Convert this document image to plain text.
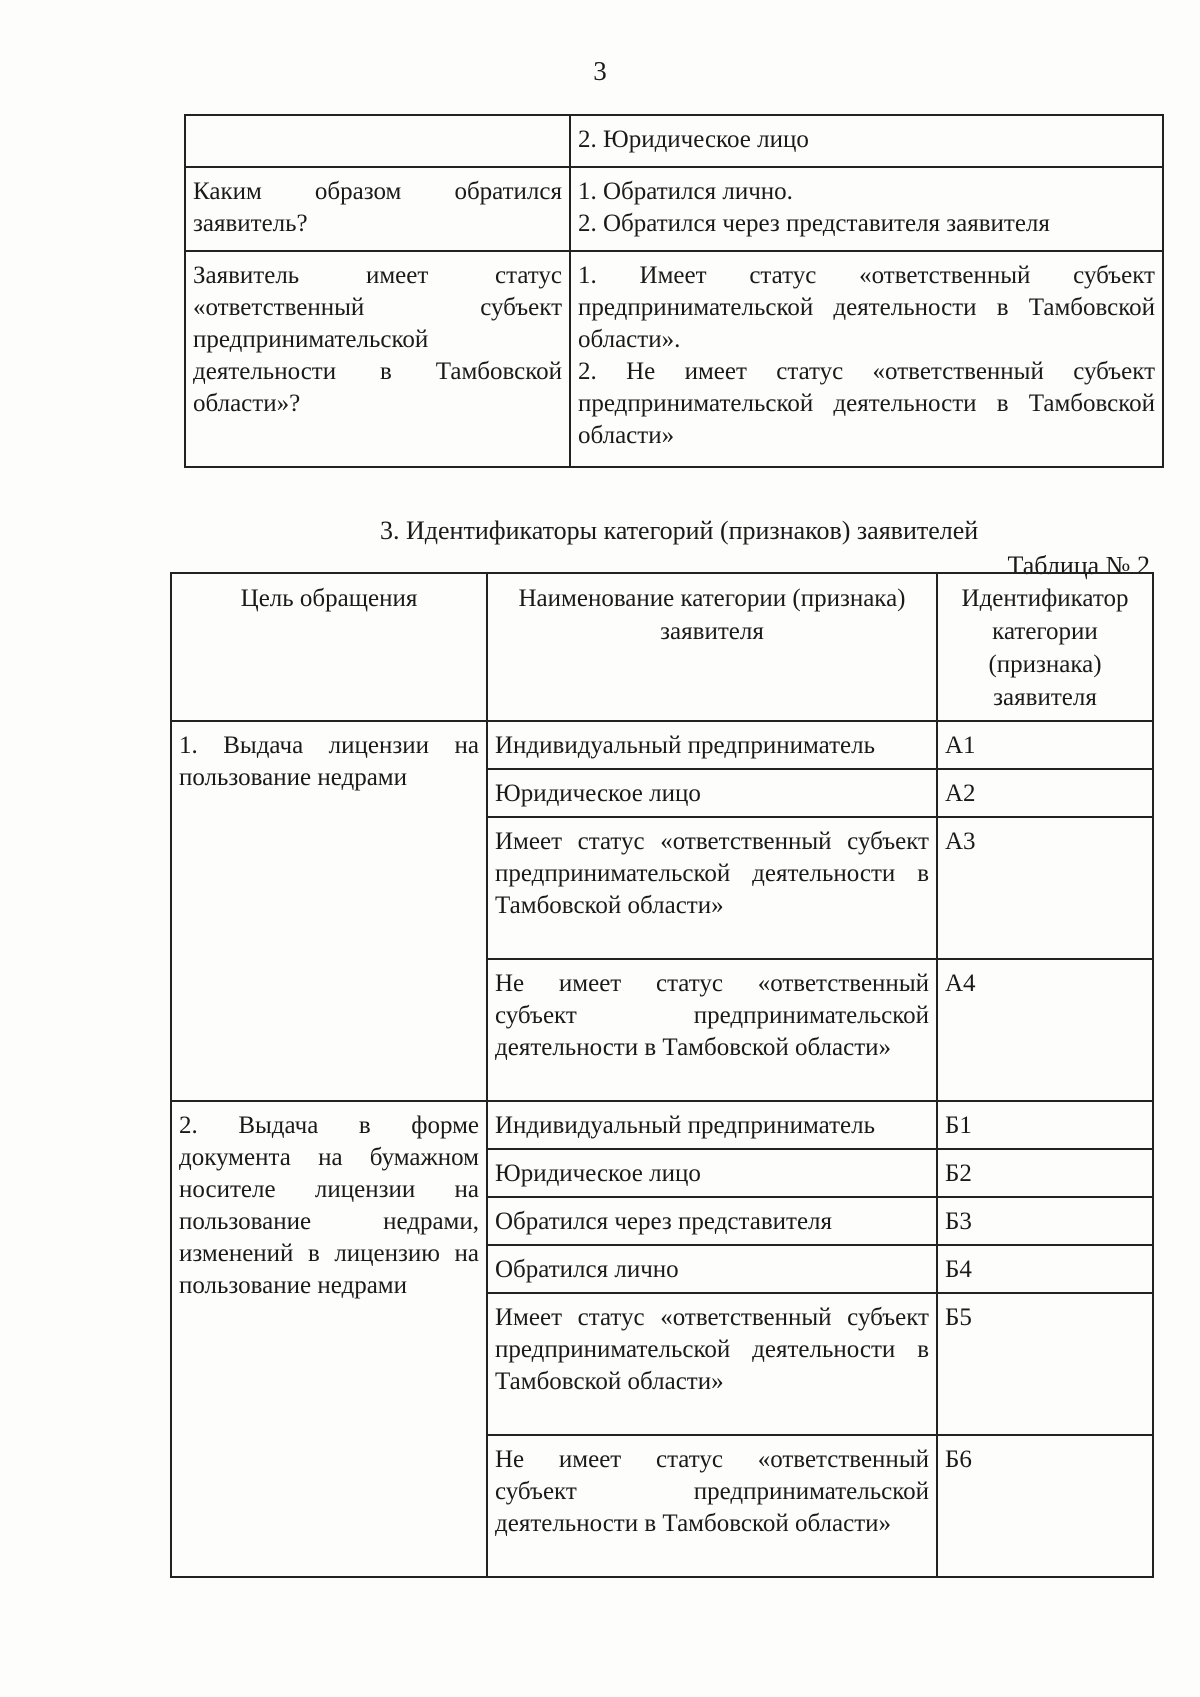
3

	2. Юридическое лицо

Каким образом обратился заявитель?	1. Обратился лично.
2. Обратился через представителя заявителя

Заявитель имеет статус «ответственный субъект предпринимательской деятельности в Тамбовской области»?	1. Имеет статус «ответственный субъект предпринимательской деятельности в Тамбовской области».
2. Не имеет статус «ответственный субъект предпринимательской деятельности в Тамбовской области»
3. Идентификаторы категорий (признаков) заявителей
Таблица № 2
Цель обращения	Наименование категории (признака) заявителя	Идентификатор категории (признака) заявителя
1. Выдача лицензии на пользование недрами	Индивидуальный предприниматель	А1
	Юридическое лицо	А2
	Имеет статус «ответственный субъект предпринимательской деятельности в Тамбовской области»	А3
	Не имеет статус «ответственный субъект предпринимательской деятельности в Тамбовской области»	А4
2. Выдача в форме документа на бумажном носителе лицензии на пользование недрами, изменений в лицензию на пользование недрами	Индивидуальный предприниматель	Б1
	Юридическое лицо	Б2
	Обратился через представителя	Б3
	Обратился лично	Б4
	Имеет статус «ответственный субъект предпринимательской деятельности в Тамбовской области»	Б5
	Не имеет статус «ответственный субъект предпринимательской деятельности в Тамбовской области»	Б6
